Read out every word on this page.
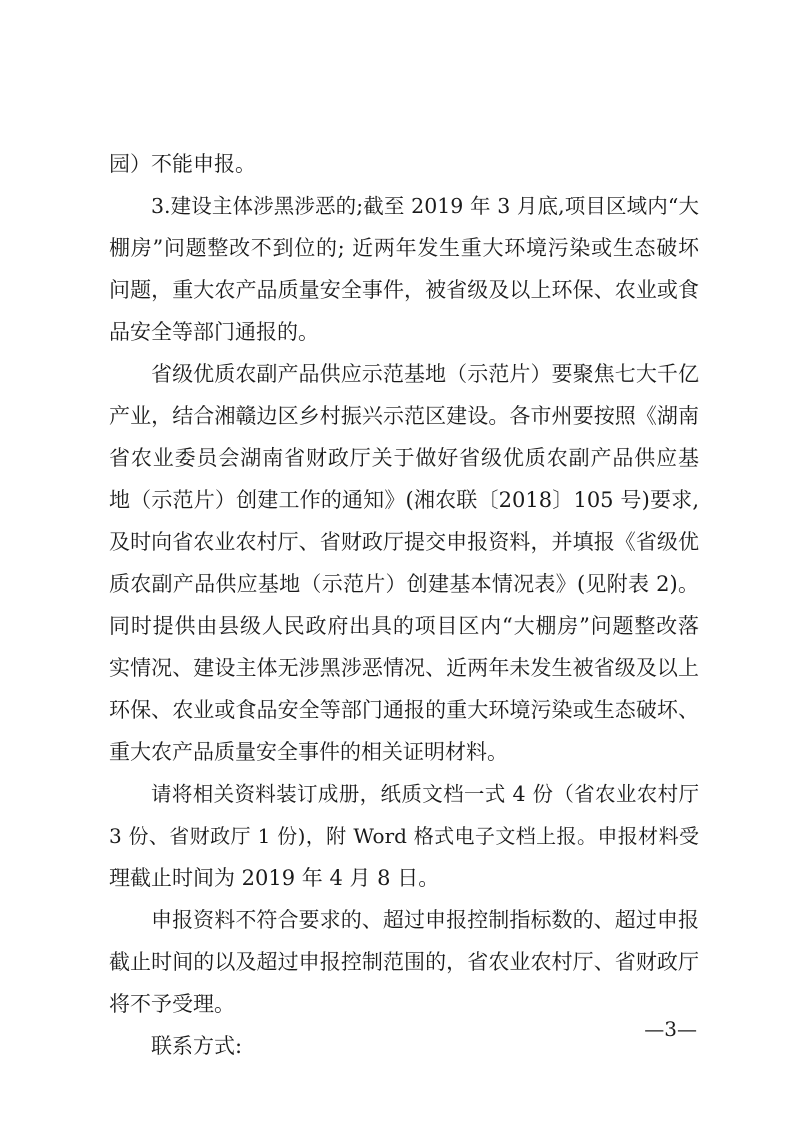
园）不能申报。
3.建设主体涉黑涉恶的;截至 2019 年 3 月底,项目区域内“大
棚房”问题整改不到位的; 近两年发生重大环境污染或生态破坏
问题，重大农产品质量安全事件，被省级及以上环保、农业或食
品安全等部门通报的。
省级优质农副产品供应示范基地（示范片）要聚焦七大千亿
产业，结合湘赣边区乡村振兴示范区建设。各市州要按照《湖南
省农业委员会湖南省财政厅关于做好省级优质农副产品供应基
地（示范片）创建工作的通知》(湘农联〔2018〕105 号)要求,
及时向省农业农村厅、省财政厅提交申报资料，并填报《省级优
质农副产品供应基地（示范片）创建基本情况表》(见附表 2)。
同时提供由县级人民政府出具的项目区内“大棚房”问题整改落
实情况、建设主体无涉黑涉恶情况、近两年未发生被省级及以上
环保、农业或食品安全等部门通报的重大环境污染或生态破坏、
重大农产品质量安全事件的相关证明材料。
请将相关资料装订成册，纸质文档一式 4 份（省农业农村厅
3 份、省财政厅 1 份)，附 Word 格式电子文档上报。申报材料受
理截止时间为 2019 年 4 月 8 日。
申报资料不符合要求的、超过申报控制指标数的、超过申报
截止时间的以及超过申报控制范围的，省农业农村厅、省财政厅
将不予受理。
联系方式:
—3—
